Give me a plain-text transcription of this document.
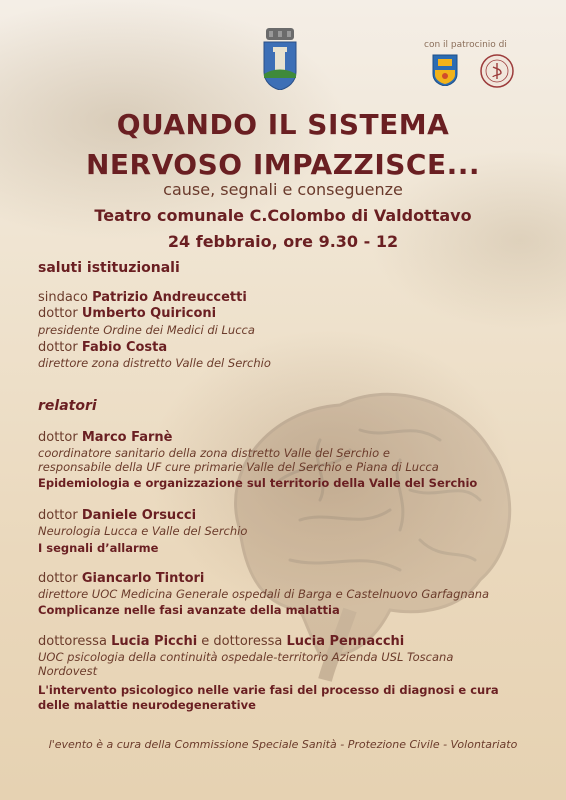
con il patrocinio di
QUANDO IL SISTEMA
NERVOSO IMPAZZISCE...
cause, segnali e conseguenze
Teatro comunale C.Colombo di Valdottavo
24 febbraio, ore 9.30 - 12
saluti istituzionali
sindaco Patrizio Andreuccetti
dottor Umberto Quiriconi
presidente Ordine dei Medici di Lucca
dottor Fabio Costa
direttore zona distretto Valle del Serchio
relatori
dottor Marco Farnè
coordinatore sanitario della zona distretto Valle del Serchio e
responsabile della UF cure primarie Valle del Serchio e Piana di Lucca
Epidemiologia e organizzazione sul territorio della Valle del Serchio
dottor Daniele Orsucci
Neurologia Lucca e Valle del Serchio
I segnali d’allarme
dottor Giancarlo Tintori
direttore UOC Medicina Generale ospedali di Barga e Castelnuovo Garfagnana
Complicanze nelle fasi avanzate della malattia
dottoressa Lucia Picchi e dottoressa Lucia Pennacchi
UOC psicologia della continuità ospedale-territorio Azienda USL Toscana
Nordovest
L'intervento psicologico nelle varie fasi del processo di diagnosi e cura
delle malattie neurodegenerative
l'evento è a cura della Commissione Speciale Sanità - Protezione Civile - Volontariato
